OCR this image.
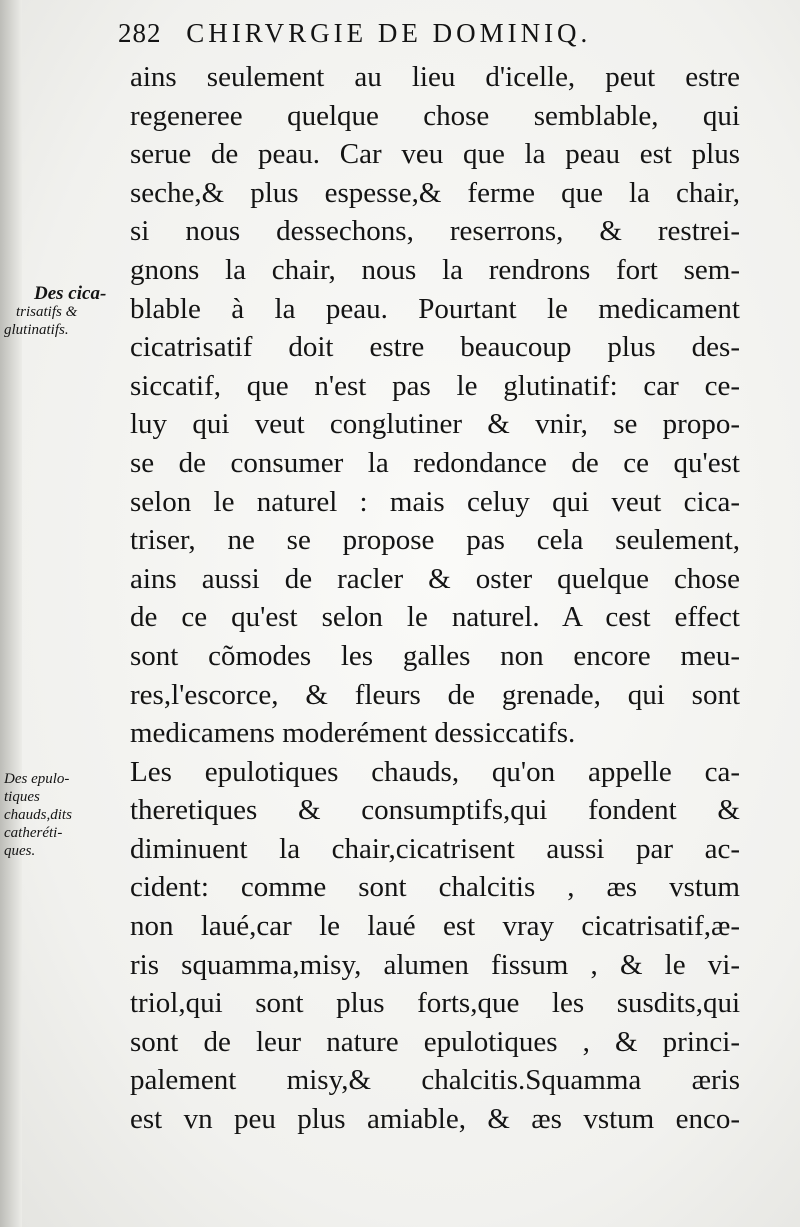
282 CHIRVRGIE DE DOMINIQ.
Des cica-
trisatifs &
glutinatifs.
Des epulo-
tiques
chauds,dits
catheréti-
ques.
ains seulement au lieu d'icelle, peut estre
regeneree quelque chose semblable, qui
serue de peau. Car veu que la peau est plus
seche,& plus espesse,& ferme que la chair,
si nous dessechons, reserrons, & restrei-
gnons la chair, nous la rendrons fort sem-
blable à la peau. Pourtant le medicament
cicatrisatif doit estre beaucoup plus des-
siccatif, que n'est pas le glutinatif: car ce-
luy qui veut conglutiner & vnir, se propo-
se de consumer la redondance de ce qu'est
selon le naturel : mais celuy qui veut cica-
triser, ne se propose pas cela seulement,
ains aussi de racler & oster quelque chose
de ce qu'est selon le naturel. A cest effect
sont cõmodes les galles non encore meu-
res,l'escorce, & fleurs de grenade, qui sont
medicamens moderément dessiccatifs.
Les epulotiques chauds, qu'on appelle ca-
theretiques & consumptifs,qui fondent &
diminuent la chair,cicatrisent aussi par ac-
cident: comme sont chalcitis , æs vstum
non laué,car le laué est vray cicatrisatif,æ-
ris squamma,misy, alumen fissum , & le vi-
triol,qui sont plus forts,que les susdits,qui
sont de leur nature epulotiques , & princi-
palement misy,& chalcitis.Squamma æris
est vn peu plus amiable, & æs vstum enco-
